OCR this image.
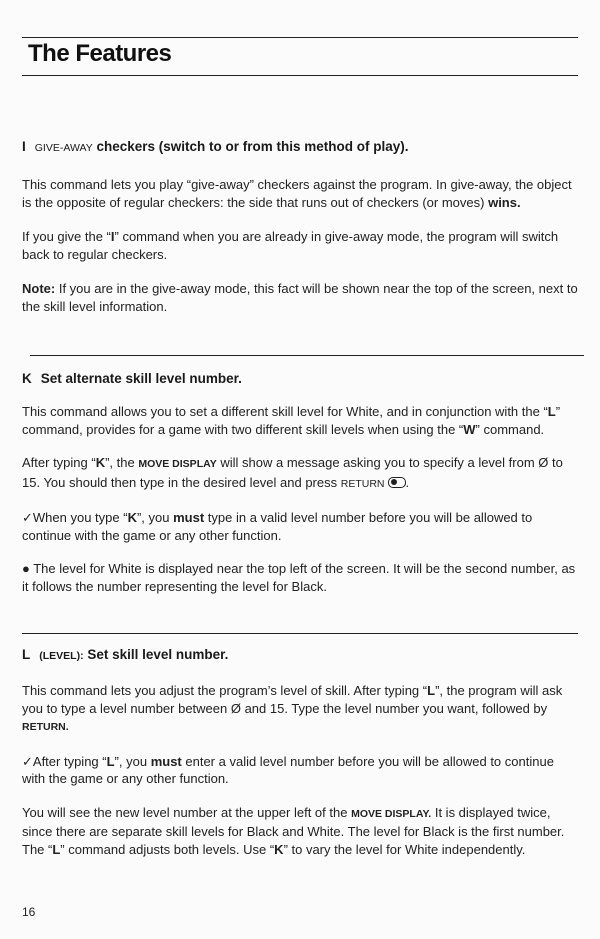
The Features
I GIVE-AWAY checkers (switch to or from this method of play).

This command lets you play “give-away” checkers against the program. In give-away, the object is the opposite of regular checkers: the side that runs out of checkers (or moves) wins.

If you give the “I” command when you are already in give-away mode, the program will switch back to regular checkers.

Note: If you are in the give-away mode, this fact will be shown near the top of the screen, next to the skill level information.

K Set alternate skill level number.

This command allows you to set a different skill level for White, and in conjunction with the “L” command, provides for a game with two different skill levels when using the “W” command.

After typing “K”, the MOVE DISPLAY will show a message asking you to specify a level from Ø to 15. You should then type in the desired level and press RETURN .

✓When you type “K”, you must type in a valid level number before you will be allowed to continue with the game or any other function.

● The level for White is displayed near the top left of the screen. It will be the second number, as it follows the number representing the level for Black.

L (LEVEL): Set skill level number.

This command lets you adjust the program’s level of skill. After typing “L”, the program will ask you to type a level number between Ø and 15. Type the level number you want, followed by RETURN.

✓After typing “L”, you must enter a valid level number before you will be allowed to continue with the game or any other function.

You will see the new level number at the upper left of the MOVE DISPLAY. It is displayed twice, since there are separate skill levels for Black and White. The level for Black is the first number. The “L” command adjusts both levels. Use “K” to vary the level for White independently.

16
